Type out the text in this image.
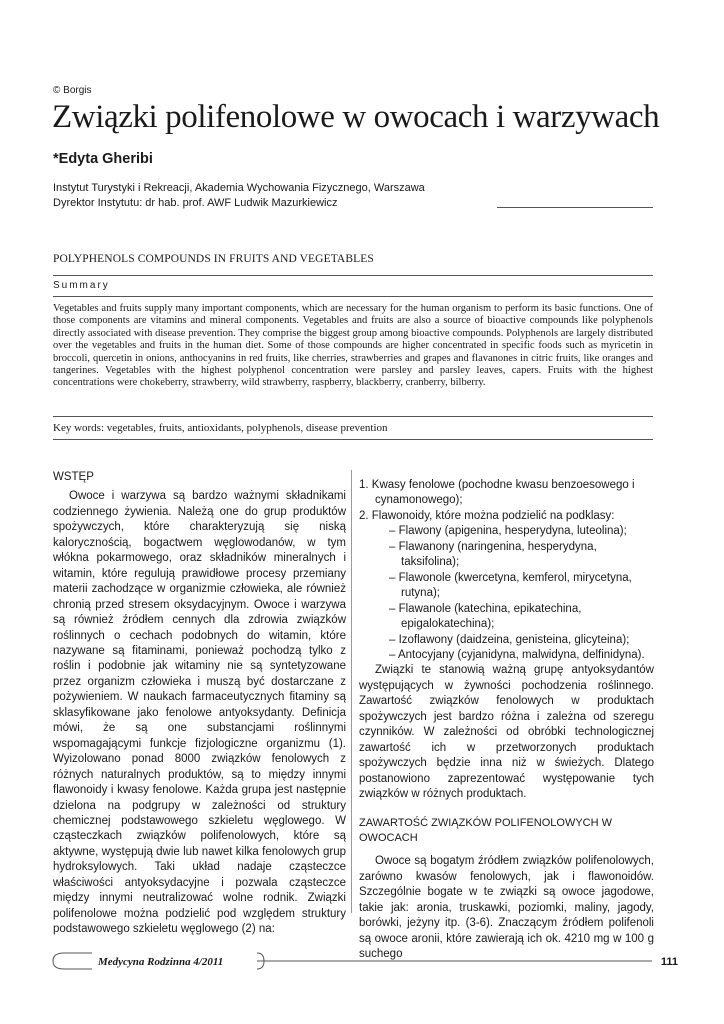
© Borgis
Związki polifenolowe w owocach i warzywach
*Edyta Gheribi
Instytut Turystyki i Rekreacji, Akademia Wychowania Fizycznego, Warszawa
Dyrektor Instytutu: dr hab. prof. AWF Ludwik Mazurkiewicz
POLYPHENOLS COMPOUNDS IN FRUITS AND VEGETABLES
Summary
Vegetables and fruits supply many important components, which are necessary for the human organism to perform its basic functions. One of those components are vitamins and mineral components. Vegetables and fruits are also a source of bioactive compounds like polyphenols directly associated with disease prevention. They comprise the biggest group among bioactive compounds. Polyphenols are largely distributed over the vegetables and fruits in the human diet. Some of those compounds are higher concentrated in specific foods such as myricetin in broccoli, quercetin in onions, anthocyanins in red fruits, like cherries, strawberries and grapes and flavanones in citric fruits, like oranges and tangerines. Vegetables with the highest polyphenol concentration were parsley and parsley leaves, capers. Fruits with the highest concentrations were chokeberry, strawberry, wild strawberry, raspberry, blackberry, cranberry, bilberry.
Key words: vegetables, fruits, antioxidants, polyphenols, disease prevention
WSTĘP
Owoce i warzywa są bardzo ważnymi składnikami codziennego żywienia. Należą one do grup produktów spożywczych, które charakteryzują się niską kalorycznością, bogactwem węglowodanów, w tym włókna pokarmowego, oraz składników mineralnych i witamin, które regulują prawidłowe procesy przemiany materii zachodzące w organizmie człowieka, ale również chronią przed stresem oksydacyjnym. Owoce i warzywa są również źródłem cennych dla zdrowia związków roślinnych o cechach podobnych do witamin, które nazywane są fitaminami, ponieważ pochodzą tylko z roślin i podobnie jak witaminy nie są syntetyzowane przez organizm człowieka i muszą być dostarczane z pożywieniem. W naukach farmaceutycznych fitaminy są sklasyfikowane jako fenolowe antyoksydanty. Definicja mówi, że są one substancjami roślinnymi wspomagającymi funkcje fizjologiczne organizmu (1). Wyizolowano ponad 8000 związków fenolowych z różnych naturalnych produktów, są to między innymi flawonoidy i kwasy fenolowe. Każda grupa jest następnie dzielona na podgrupy w zależności od struktury chemicznej podstawowego szkieletu węglowego. W cząsteczkach związków polifenolowych, które są aktywne, występują dwie lub nawet kilka fenolowych grup hydroksylowych. Taki układ nadaje cząsteczce właściwości antyoksydacyjne i pozwala cząsteczce między innymi neutralizować wolne rodnik. Związki polifenolowe można podzielić pod względem struktury podstawowego szkieletu węglowego (2) na:
1. Kwasy fenolowe (pochodne kwasu benzoesowego i cynamonowego);
2. Flawonoidy, które można podzielić na podklasy:
– Flawony (apigenina, hesperydyna, luteolina);
– Flawanony (naringenina, hesperydyna, taksifolina);
– Flawonole (kwercetyna, kemferol, mirycetyna, rutyna);
– Flawanole (katechina, epikatechina, epigalokatechina);
– Izoflawony (daidzeina, genisteina, glicyteina);
– Antocyjany (cyjanidyna, malwidyna, delfinidyna).
Związki te stanowią ważną grupę antyoksydantów występujących w żywności pochodzenia roślinnego. Zawartość związków fenolowych w produktach spożywczych jest bardzo różna i zależna od szeregu czynników. W zależności od obróbki technologicznej zawartość ich w przetworzonych produktach spożywczych będzie inna niż w świeżych. Dlatego postanowiono zaprezentować występowanie tych związków w różnych produktach.
ZAWARTOŚĆ ZWIĄZKÓW POLIFENOLOWYCH W OWOCACH
Owoce są bogatym źródłem związków polifenolowych, zarówno kwasów fenolowych, jak i flawonoidów. Szczególnie bogate w te związki są owoce jagodowe, takie jak: aronia, truskawki, poziomki, maliny, jagody, borówki, jeżyny itp. (3-6). Znaczącym źródłem polifenoli są owoce aronii, które zawierają ich ok. 4210 mg w 100 g suchego
Medycyna Rodzinna 4/2011	111
